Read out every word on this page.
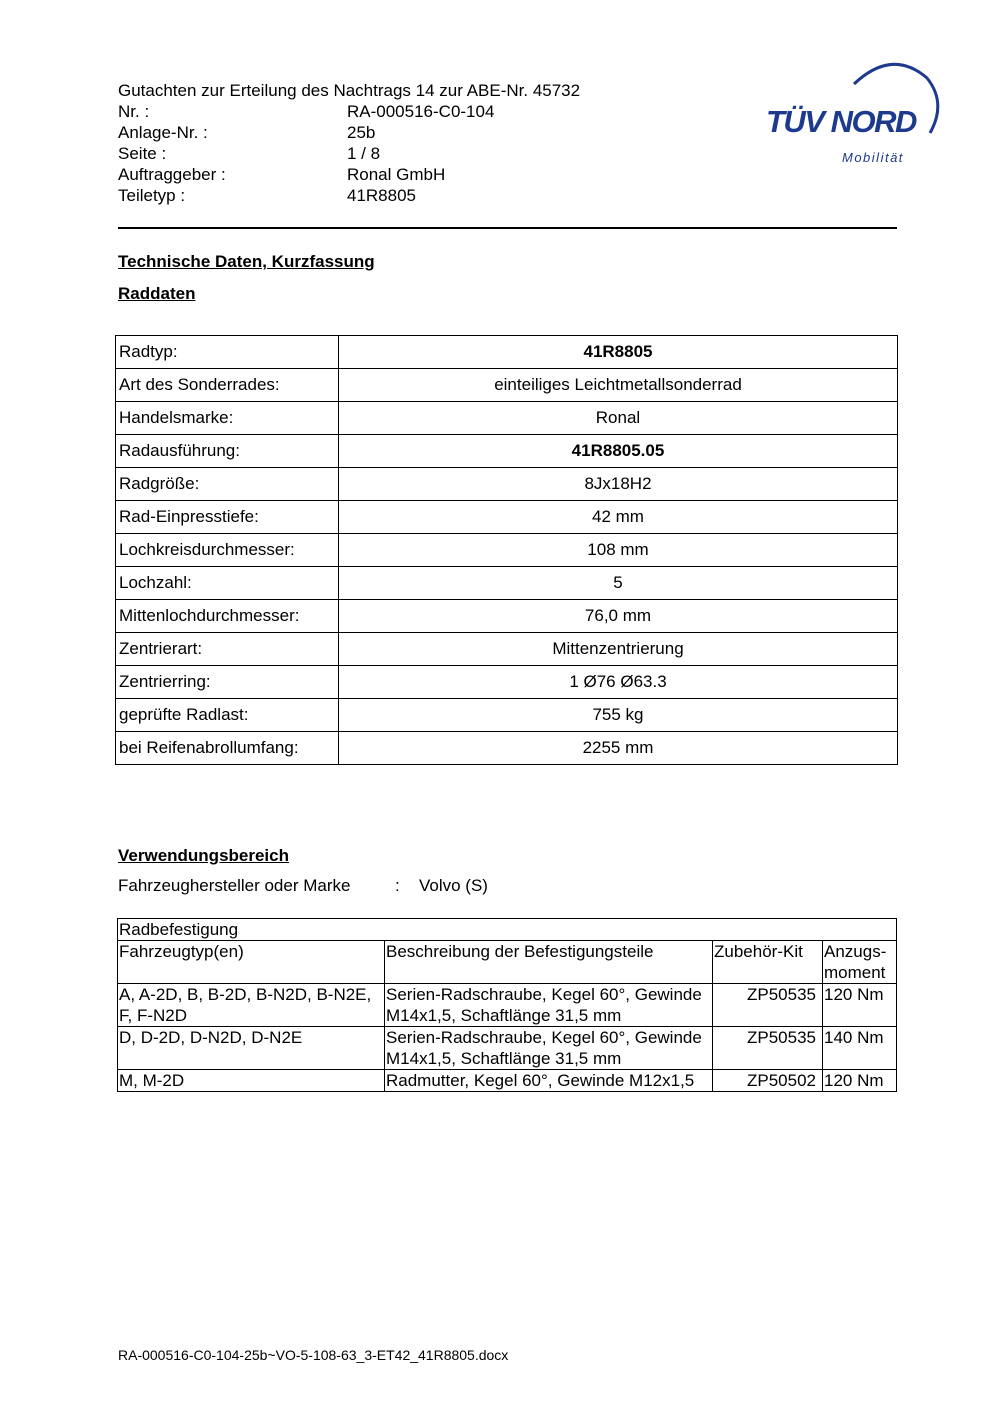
Gutachten zur Erteilung des Nachtrags 14 zur ABE-Nr. 45732
Nr. :	RA-000516-C0-104
Anlage-Nr. :	25b
Seite :	1 / 8
Auftraggeber :	Ronal GmbH
Teiletyp :	41R8805
TÜV NORD
Mobilität
Technische Daten, Kurzfassung
Raddaten
Radtyp:	41R8805
Art des Sonderrades:	einteiliges Leichtmetallsonderrad
Handelsmarke:	Ronal
Radausführung:	41R8805.05
Radgröße:	8Jx18H2
Rad-Einpresstiefe:	42 mm
Lochkreisdurchmesser:	108 mm
Lochzahl:	5
Mittenlochdurchmesser:	76,0 mm
Zentrierart:	Mittenzentrierung
Zentrierring:	1 Ø76 Ø63.3
geprüfte Radlast:	755 kg
bei Reifenabrollumfang:	2255 mm
Verwendungsbereich
Fahrzeughersteller oder Marke	:	Volvo (S)
Radbefestigung			
Fahrzeugtyp(en)	Beschreibung der Befestigungsteile	Zubehör-Kit	Anzugs-moment
A, A-2D, B, B-2D, B-N2D, B-N2E, F, F-N2D	Serien-Radschraube, Kegel 60°, Gewinde M14x1,5, Schaftlänge 31,5 mm	ZP50535	120 Nm
D, D-2D, D-N2D, D-N2E	Serien-Radschraube, Kegel 60°, Gewinde M14x1,5, Schaftlänge 31,5 mm	ZP50535	140 Nm
M, M-2D	Radmutter, Kegel 60°, Gewinde M12x1,5	ZP50502	120 Nm
RA-000516-C0-104-25b~VO-5-108-63_3-ET42_41R8805.docx
